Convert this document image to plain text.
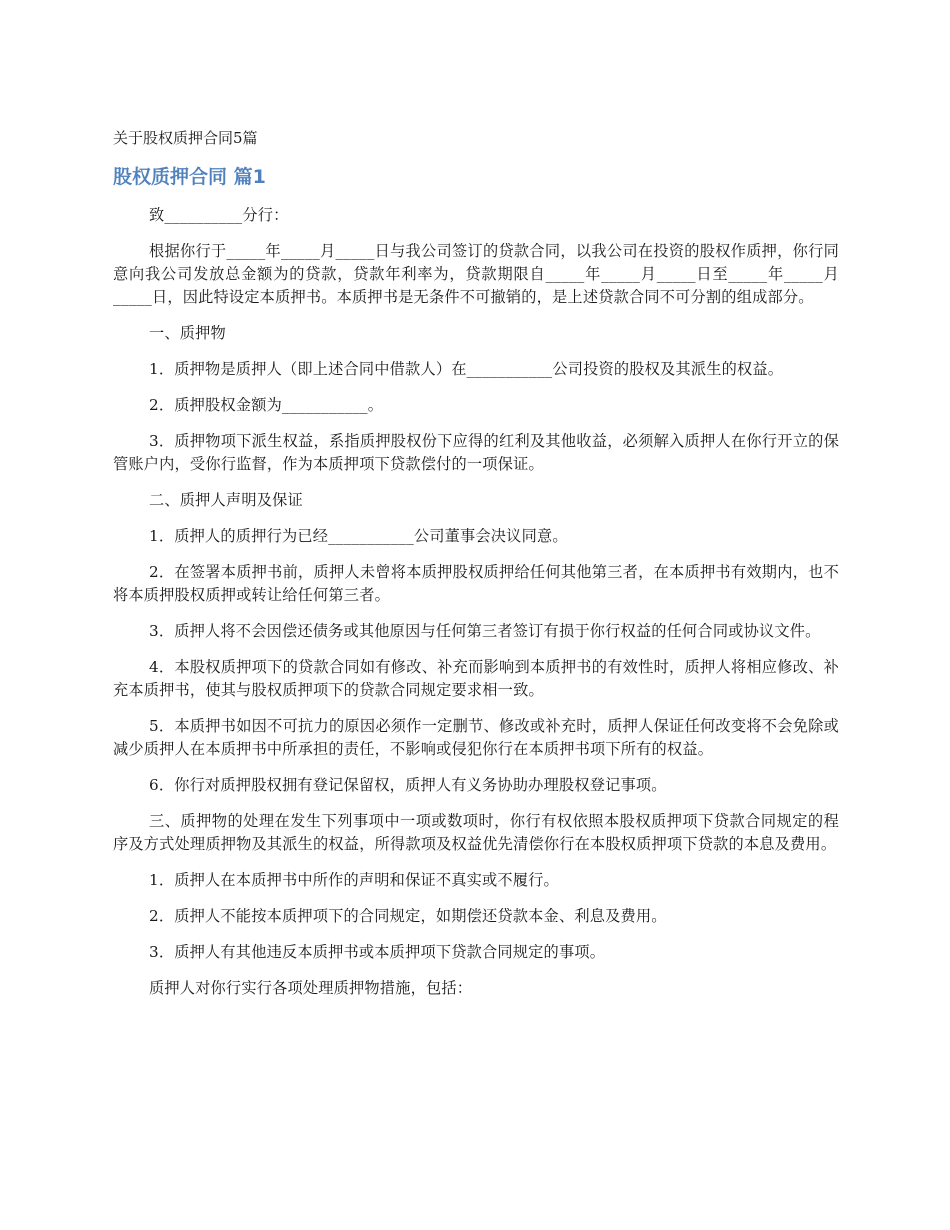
关于股权质押合同5篇
股权质押合同 篇1

致__________分行：

根据你行于_____年_____月_____日与我公司签订的贷款合同，以我公司在投资的股权作质押，你行同意向我公司发放总金额为的贷款，贷款年利率为，贷款期限自_____年_____月_____日至_____年_____月_____日，因此特设定本质押书。本质押书是无条件不可撤销的，是上述贷款合同不可分割的组成部分。

一、质押物

1．质押物是质押人（即上述合同中借款人）在___________公司投资的股权及其派生的权益。

2．质押股权金额为___________。

3．质押物项下派生权益，系指质押股权份下应得的红利及其他收益，必须解入质押人在你行开立的保管账户内，受你行监督，作为本质押项下贷款偿付的一项保证。

二、质押人声明及保证

1．质押人的质押行为已经___________公司董事会决议同意。

2．在签署本质押书前，质押人未曾将本质押股权质押给任何其他第三者，在本质押书有效期内，也不将本质押股权质押或转让给任何第三者。

3．质押人将不会因偿还债务或其他原因与任何第三者签订有损于你行权益的任何合同或协议文件。

4．本股权质押项下的贷款合同如有修改、补充而影响到本质押书的有效性时，质押人将相应修改、补充本质押书，使其与股权质押项下的贷款合同规定要求相一致。

5．本质押书如因不可抗力的原因必须作一定删节、修改或补充时，质押人保证任何改变将不会免除或减少质押人在本质押书中所承担的责任，不影响或侵犯你行在本质押书项下所有的权益。

6．你行对质押股权拥有登记保留权，质押人有义务协助办理股权登记事项。

三、质押物的处理在发生下列事项中一项或数项时，你行有权依照本股权质押项下贷款合同规定的程序及方式处理质押物及其派生的权益，所得款项及权益优先清偿你行在本股权质押项下贷款的本息及费用。

1．质押人在本质押书中所作的声明和保证不真实或不履行。

2．质押人不能按本质押项下的合同规定，如期偿还贷款本金、利息及费用。

3．质押人有其他违反本质押书或本质押项下贷款合同规定的事项。

质押人对你行实行各项处理质押物措施，包括：
